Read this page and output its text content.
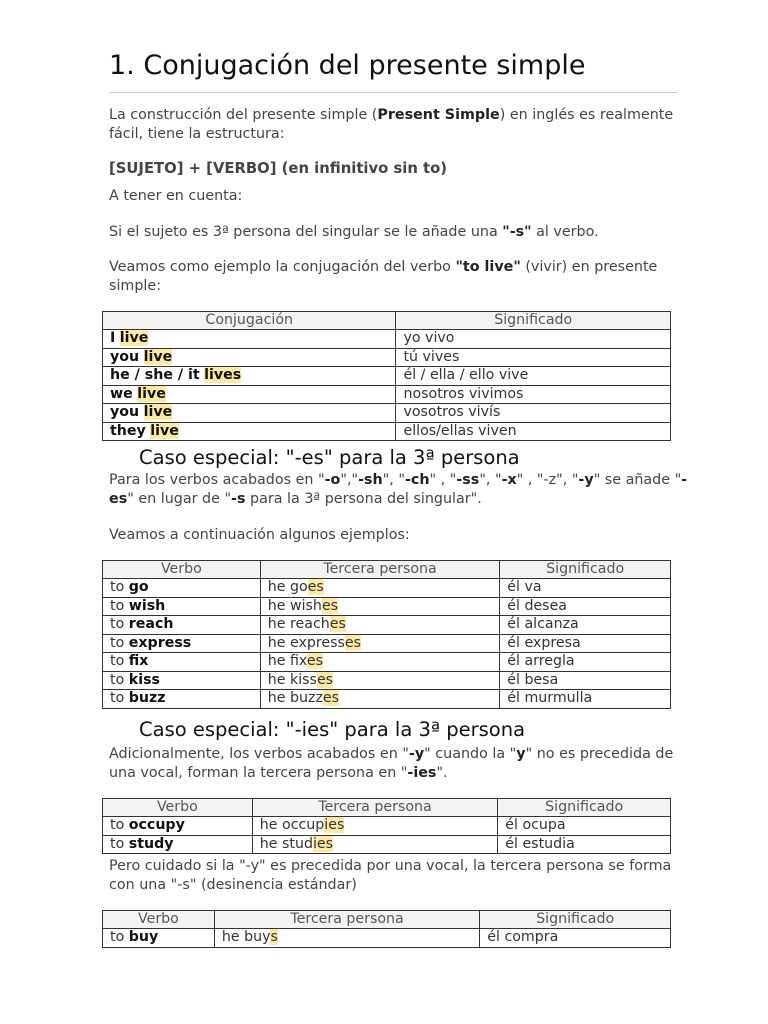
1. Conjugación del presente simple

La construcción del presente simple (Present Simple) en inglés es realmente fácil, tiene la estructura:

[SUJETO] + [VERBO] (en infinitivo sin to)

A tener en cuenta:

Si el sujeto es 3ª persona del singular se le añade una "-s" al verbo.

Veamos como ejemplo la conjugación del verbo "to live" (vivir) en presente simple:

Conjugación	Significado
I live	yo vivo
you live	tú vives
he / she / it lives	él / ella / ello vive
we live	nosotros vivimos
you live	vosotros vivís
they live	ellos/ellas viven
Caso especial: "-es" para la 3ª persona

Para los verbos acabados en "-o","-sh", "-ch" , "-ss", "-x" , "-z", "-y" se añade "-es" en lugar de "-s para la 3ª persona del singular".

Veamos a continuación algunos ejemplos:

Verbo	Tercera persona	Significado
to go	he goes	él va
to wish	he wishes	él desea
to reach	he reaches	él alcanza
to express	he expresses	él expresa
to fix	he fixes	él arregla
to kiss	he kisses	él besa
to buzz	he buzzes	él murmulla
Caso especial: "-ies" para la 3ª persona

Adicionalmente, los verbos acabados en "-y" cuando la "y" no es precedida de una vocal, forman la tercera persona en "-ies".

Verbo	Tercera persona	Significado
to occupy	he occupies	él ocupa
to study	he studies	él estudia

Pero cuidado si la "-y" es precedida por una vocal, la tercera persona se forma con una "-s" (desinencia estándar)

Verbo	Tercera persona	Significado
to buy	he buys	él compra
